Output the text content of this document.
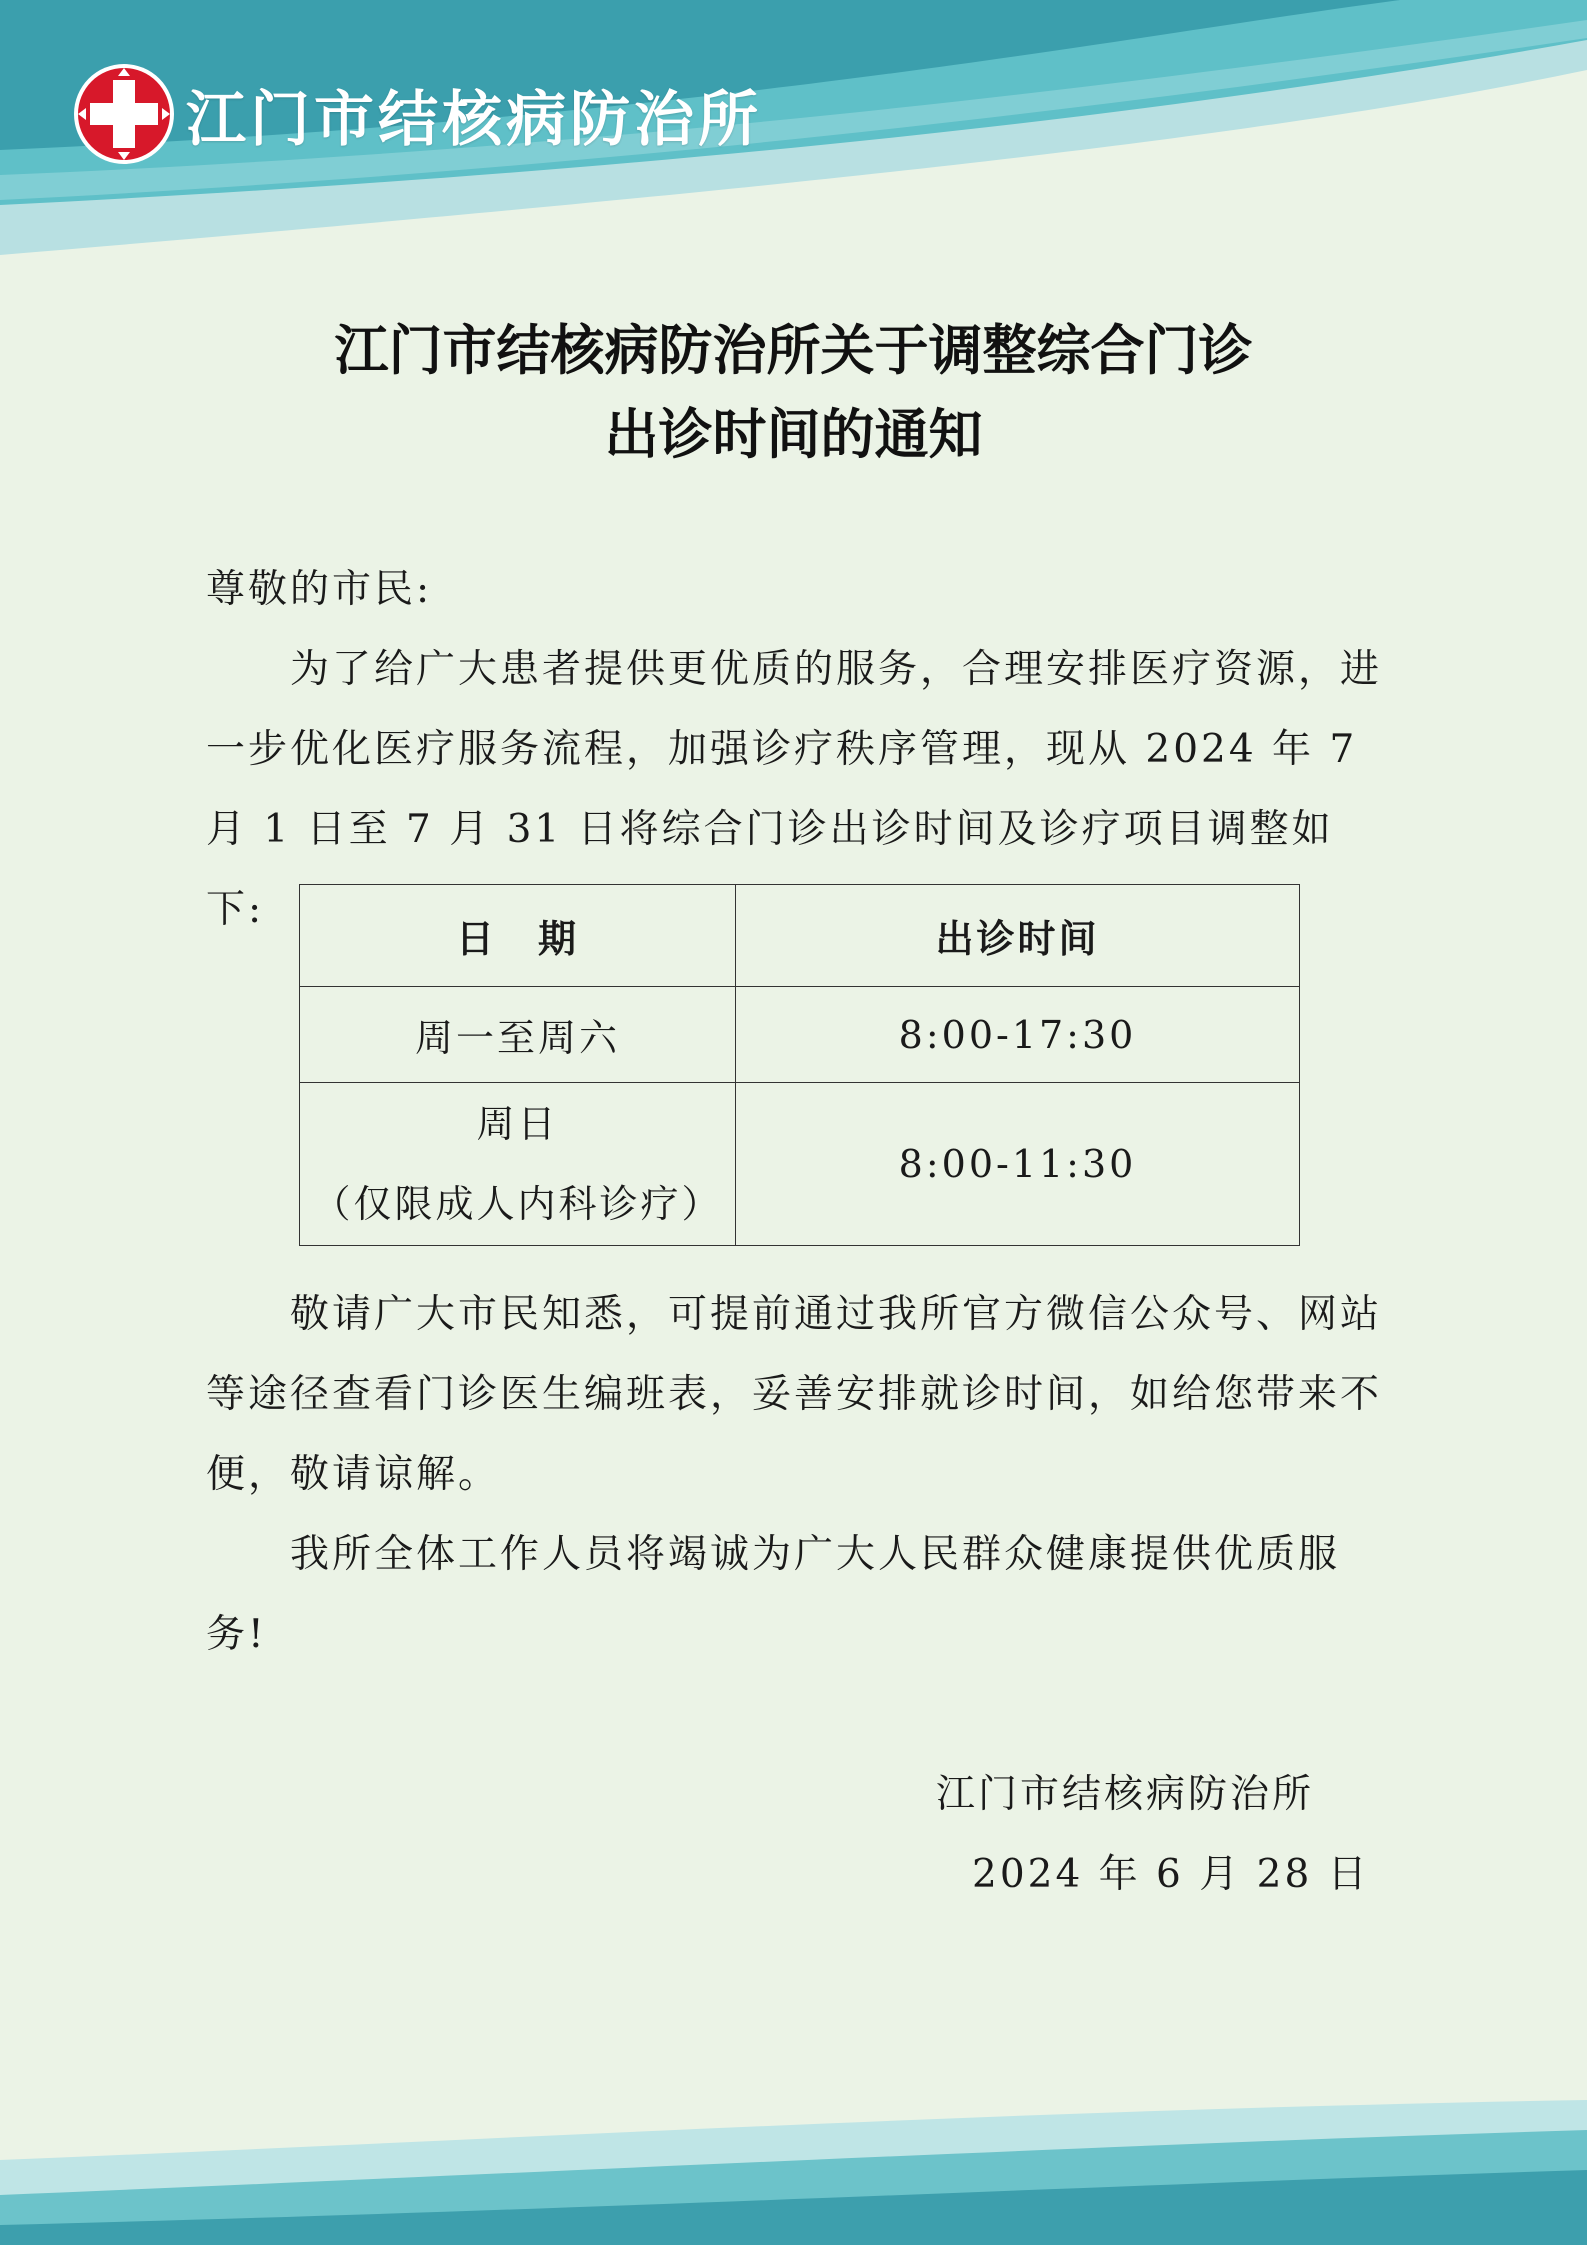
江门市结核病防治所
江门市结核病防治所关于调整综合门诊
出诊时间的通知
尊敬的市民:
为了给广大患者提供更优质的服务，合理安排医疗资源，进一步优化医疗服务流程，加强诊疗秩序管理，现从 2024 年 7 月 1 日至 7 月 31 日将综合门诊出诊时间及诊疗项目调整如下:
日　期	出诊时间
周一至周六	8:00-17:30

周日
（仅限成人内科诊疗）	8:00-11:30
敬请广大市民知悉，可提前通过我所官方微信公众号、网站等途径查看门诊医生编班表，妥善安排就诊时间，如给您带来不便，敬请谅解。
我所全体工作人员将竭诚为广大人民群众健康提供优质服务!
江门市结核病防治所
2024 年 6 月 28 日
